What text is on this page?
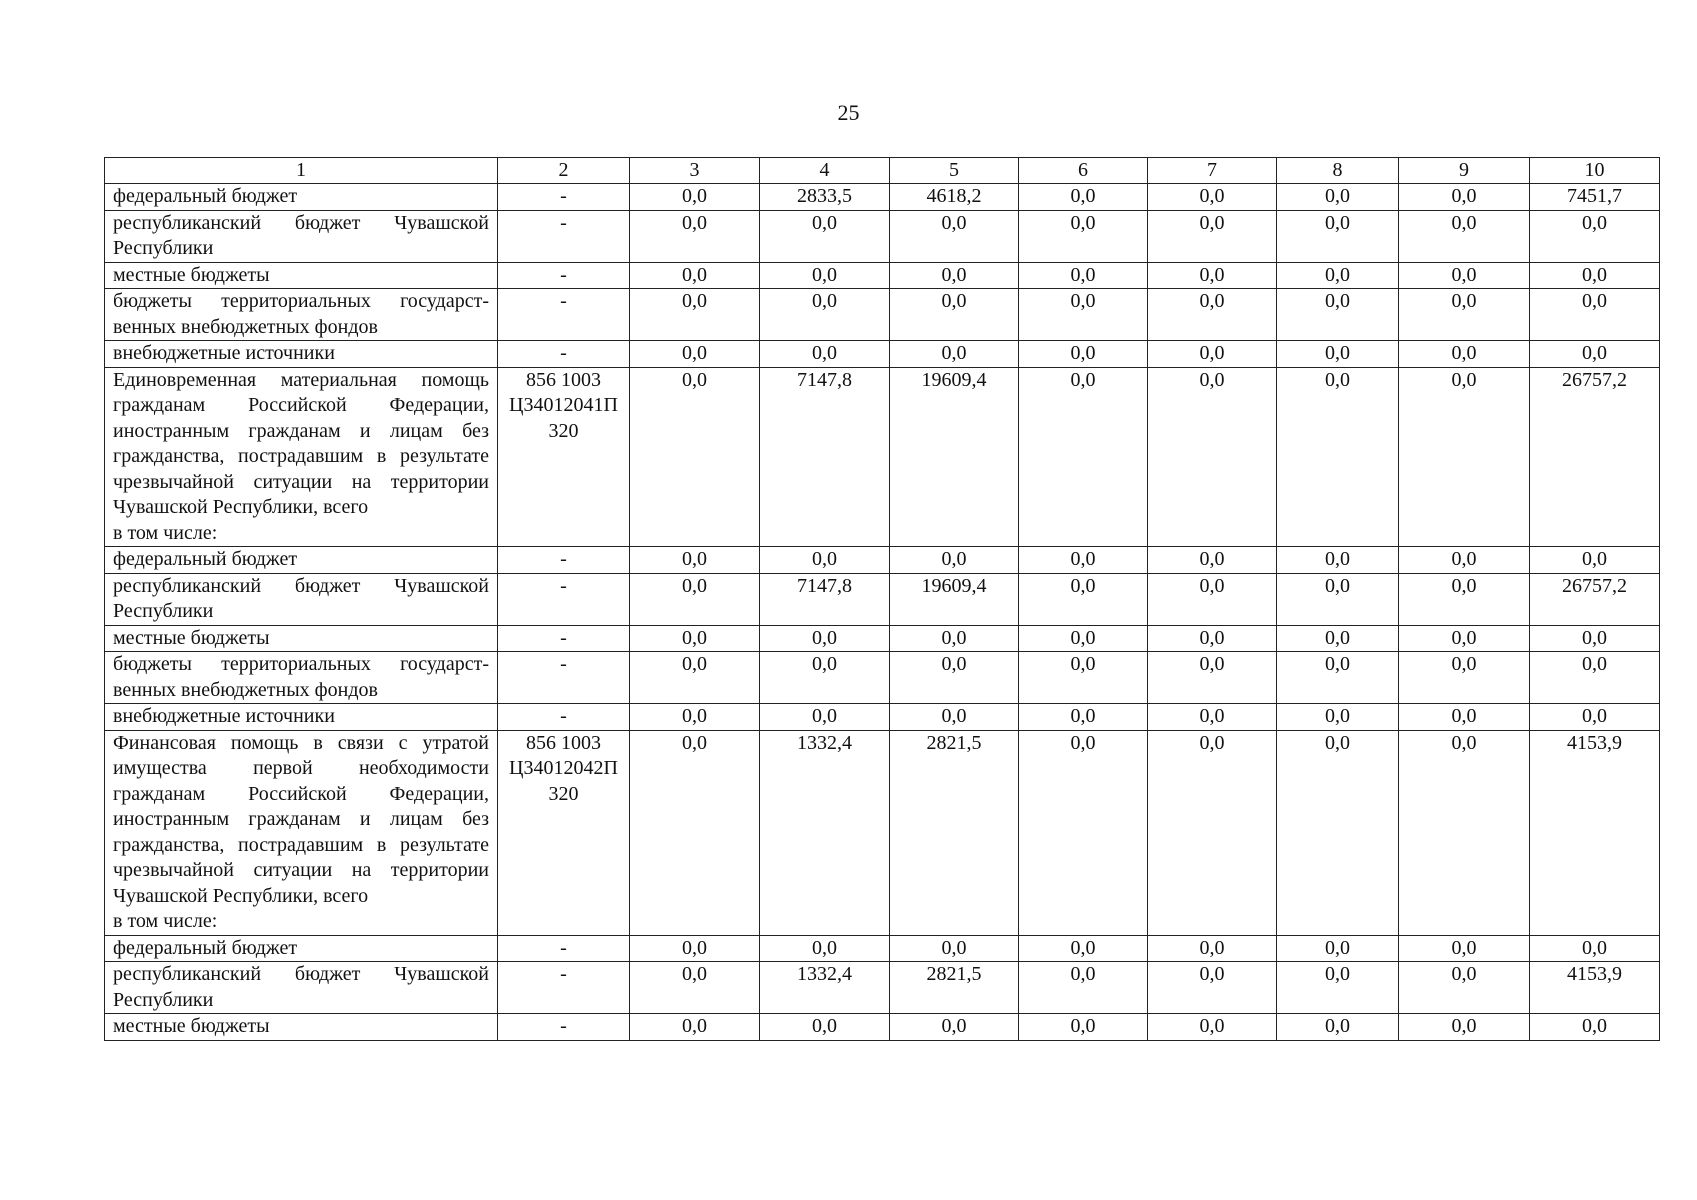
25
1	2	3	4	5	6	7	8	9	10

федеральный бюджет	-	0,0	2833,5	4618,2	0,0	0,0	0,0	0,0	7451,7

республиканский бюджет Чувашской Республики	-	0,0	0,0	0,0	0,0	0,0	0,0	0,0	0,0

местные бюджеты	-	0,0	0,0	0,0	0,0	0,0	0,0	0,0	0,0

бюджеты территориальных государственных внебюджетных фондов	-	0,0	0,0	0,0	0,0	0,0	0,0	0,0	0,0

внебюджетные источники	-	0,0	0,0	0,0	0,0	0,0	0,0	0,0	0,0

Единовременная материальная помощь гражданам Российской Федерации, иностранным гражданам и лицам без гражданства, пострадавшим в результате чрезвычайной ситуации на территории Чувашской Республики, всего
в том числе:	856 1003 Ц34012041П 320	0,0	7147,8	19609,4	0,0	0,0	0,0	0,0	26757,2

федеральный бюджет	-	0,0	0,0	0,0	0,0	0,0	0,0	0,0	0,0

республиканский бюджет Чувашской Республики	-	0,0	7147,8	19609,4	0,0	0,0	0,0	0,0	26757,2

местные бюджеты	-	0,0	0,0	0,0	0,0	0,0	0,0	0,0	0,0

бюджеты территориальных государственных внебюджетных фондов	-	0,0	0,0	0,0	0,0	0,0	0,0	0,0	0,0

внебюджетные источники	-	0,0	0,0	0,0	0,0	0,0	0,0	0,0	0,0

Финансовая помощь в связи с утратой имущества первой необходимости гражданам Российской Федерации, иностранным гражданам и лицам без гражданства, пострадавшим в результате чрезвычайной ситуации на территории Чувашской Республики, всего
в том числе:	856 1003 Ц34012042П 320	0,0	1332,4	2821,5	0,0	0,0	0,0	0,0	4153,9

федеральный бюджет	-	0,0	0,0	0,0	0,0	0,0	0,0	0,0	0,0

республиканский бюджет Чувашской Республики	-	0,0	1332,4	2821,5	0,0	0,0	0,0	0,0	4153,9

местные бюджеты	-	0,0	0,0	0,0	0,0	0,0	0,0	0,0	0,0
